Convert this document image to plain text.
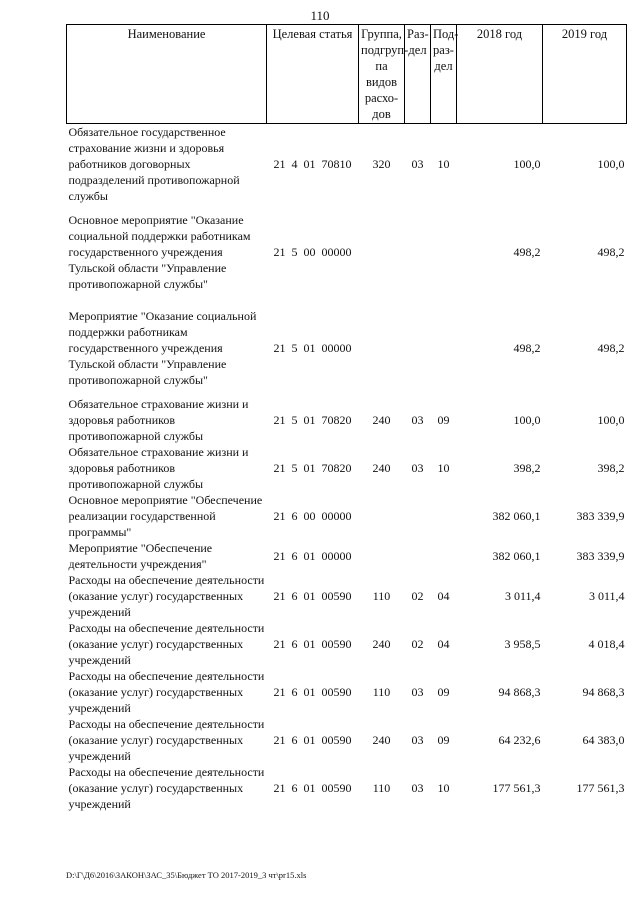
110
Наименование	Целевая статья	Группа, подгруп-па видов расхо-дов	Раз-дел	Под-раз-дел	2018 год	2019 год
Обязательное государственное страхование жизни и здоровья работников договорных подразделений противопожарной службы	21  4  01  70810	320	03	10	100,0	100,0
Основное мероприятие "Оказание социальной поддержки работникам государственного учреждения Тульской области "Управление противопожарной службы"	21  5  00  00000				498,2	498,2
Мероприятие "Оказание социальной поддержки работникам государственного учреждения Тульской области "Управление противопожарной службы"	21  5  01  00000				498,2	498,2
Обязательное страхование жизни и здоровья работников противопожарной службы	21  5  01  70820	240	03	09	100,0	100,0
Обязательное страхование жизни и здоровья работников противопожарной службы	21  5  01  70820	240	03	10	398,2	398,2
Основное мероприятие "Обеспечение реализации государственной программы"	21  6  00  00000				382 060,1	383 339,9
Мероприятие "Обеспечение деятельности учреждения"	21  6  01  00000				382 060,1	383 339,9
Расходы на обеспечение деятельности (оказание услуг) государственных учреждений	21  6  01  00590	110	02	04	3 011,4	3 011,4
Расходы на обеспечение деятельности (оказание услуг) государственных учреждений	21  6  01  00590	240	02	04	3 958,5	4 018,4
Расходы на обеспечение деятельности (оказание услуг) государственных учреждений	21  6  01  00590	110	03	09	94 868,3	94 868,3
Расходы на обеспечение деятельности (оказание услуг) государственных учреждений	21  6  01  00590	240	03	09	64 232,6	64 383,0
Расходы на обеспечение деятельности (оказание услуг) государственных учреждений	21  6  01  00590	110	03	10	177 561,3	177 561,3
D:\Г\Д6\2016\ЗАКОН\ЗАС_35\Бюджет ТО 2017-2019_3 чт\pr15.xls
